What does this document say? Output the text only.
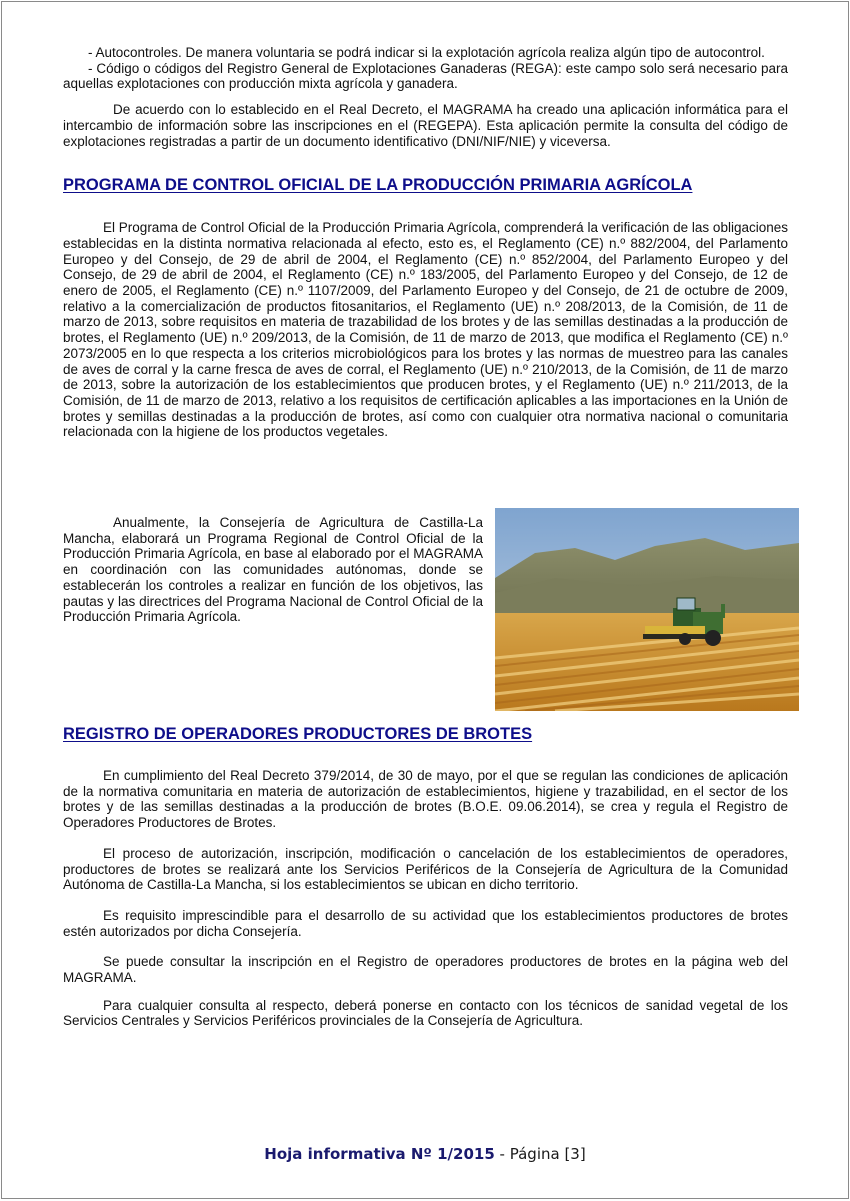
- Autocontroles. De manera voluntaria se podrá indicar si la explotación agrícola realiza algún tipo de autocontrol.

- Código o códigos del Registro General de Explotaciones Ganaderas (REGA): este campo solo será necesario para aquellas explotaciones con producción mixta agrícola y ganadera.

De acuerdo con lo establecido en el Real Decreto, el MAGRAMA ha creado una aplicación informática para el intercambio de información sobre las inscripciones en el (REGEPA). Esta aplicación permite la consulta del código de explotaciones registradas a partir de un documento identificativo (DNI/NIF/NIE) y viceversa.

PROGRAMA DE CONTROL OFICIAL DE LA PRODUCCIÓN PRIMARIA AGRÍCOLA

El Programa de Control Oficial de la Producción Primaria Agrícola, comprenderá la verificación de las obligaciones establecidas en la distinta normativa relacionada al efecto, esto es, el Reglamento (CE) n.º 882/2004, del Parlamento Europeo y del Consejo, de 29 de abril de 2004, el Reglamento (CE) n.º 852/2004, del Parlamento Europeo y del Consejo, de 29 de abril de 2004, el Reglamento (CE) n.º 183/2005, del Parlamento Europeo y del Consejo, de 12 de enero de 2005, el Reglamento (CE) n.º 1107/2009, del Parlamento Europeo y del Consejo, de 21 de octubre de 2009, relativo a la comercialización de productos fitosanitarios, el Reglamento (UE) n.º 208/2013, de la Comisión, de 11 de marzo de 2013, sobre requisitos en materia de trazabilidad de los brotes y de las semillas destinadas a la producción de brotes, el Reglamento (UE) n.º 209/2013, de la Comisión, de 11 de marzo de 2013, que modifica el Reglamento (CE) n.º 2073/2005 en lo que respecta a los criterios microbiológicos para los brotes y las normas de muestreo para las canales de aves de corral y la carne fresca de aves de corral, el Reglamento (UE) n.º 210/2013, de la Comisión, de 11 de marzo de 2013, sobre la autorización de los establecimientos que producen brotes, y el Reglamento (UE) n.º 211/2013, de la Comisión, de 11 de marzo de 2013, relativo a los requisitos de certificación aplicables a las importaciones en la Unión de brotes y semillas destinadas a la producción de brotes, así como con cualquier otra normativa nacional o comunitaria relacionada con la higiene de los productos vegetales.

Anualmente, la Consejería de Agricultura de Castilla-La Mancha, elaborará un Programa Regional de Control Oficial de la Producción Primaria Agrícola, en base al elaborado por el MAGRAMA en coordinación con las comunidades autónomas, donde se establecerán los controles a realizar en función de los objetivos, las pautas y las directrices del Programa Nacional de Control Oficial de la Producción Primaria Agrícola.

REGISTRO DE OPERADORES PRODUCTORES DE BROTES

En cumplimiento del Real Decreto 379/2014, de 30 de mayo, por el que se regulan las condiciones de aplicación de la normativa comunitaria en materia de autorización de establecimientos, higiene y trazabilidad, en el sector de los brotes y de las semillas destinadas a la producción de brotes (B.O.E. 09.06.2014), se crea y regula el Registro de Operadores Productores de Brotes.

El proceso de autorización, inscripción, modificación o cancelación de los establecimientos de operadores, productores de brotes se realizará ante los Servicios Periféricos de la Consejería de Agricultura de la Comunidad Autónoma de Castilla-La Mancha, si los establecimientos se ubican en dicho territorio.

Es requisito imprescindible para el desarrollo de su actividad que los establecimientos productores de brotes estén autorizados por dicha Consejería.

Se puede consultar la inscripción en el Registro de operadores productores de brotes en la página web del MAGRAMA.

Para cualquier consulta al respecto, deberá ponerse en contacto con los técnicos de sanidad vegetal de los Servicios Centrales y Servicios Periféricos provinciales de la Consejería de Agricultura.

Hoja informativa Nº 1/2015 - Página [3]
